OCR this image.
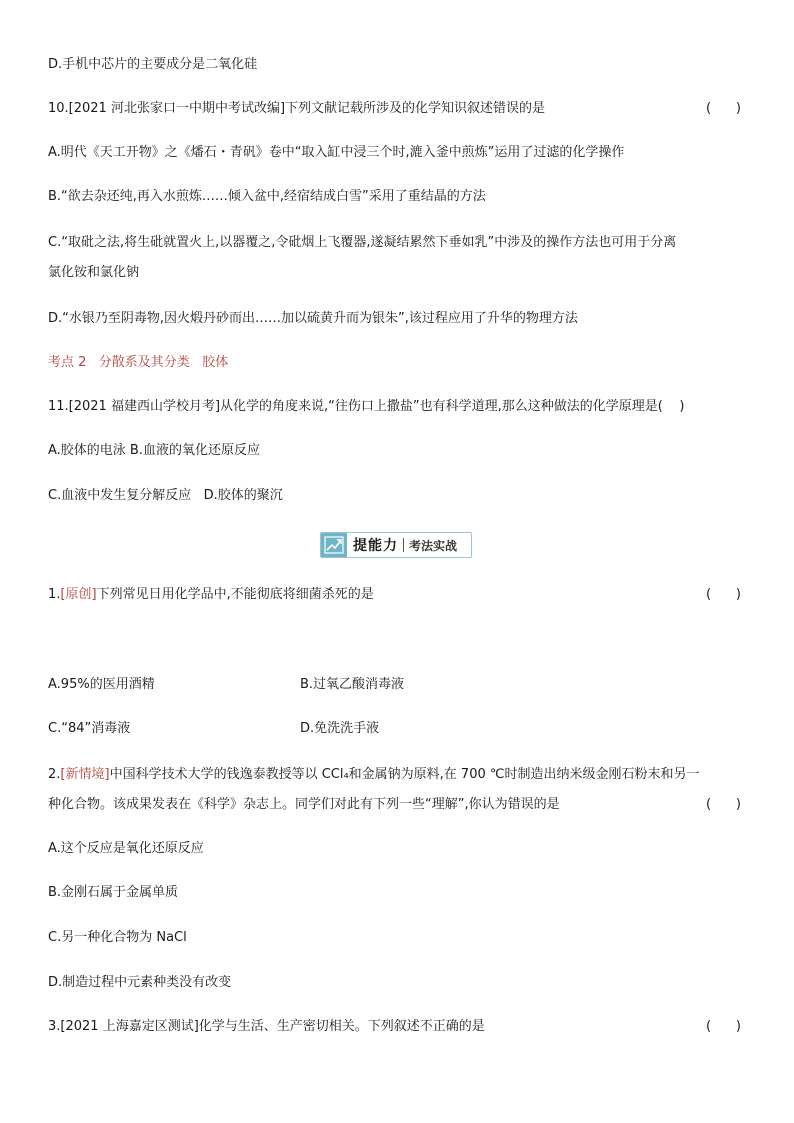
D.手机中芯片的主要成分是二氧化硅
10.[2021 河北张家口一中期中考试改编]下列文献记载所涉及的化学知识叙述错误的是	(      )
A.明代《天工开物》之《燔石・青矾》卷中“取入缸中浸三个时,漉入釜中煎炼”运用了过滤的化学操作
B.“欲去杂还纯,再入水煎炼……倾入盆中,经宿结成白雪”采用了重结晶的方法
C.“取砒之法,将生砒就置火上,以器覆之,令砒烟上飞覆器,遂凝结累然下垂如乳”中涉及的操作方法也可用于分离
氯化铵和氯化钠
D.“水银乃至阴毒物,因火煅丹砂而出……加以硫黄升而为银朱”,该过程应用了升华的物理方法
考点 2   分散系及其分类   胶体
11.[2021 福建西山学校月考]从化学的角度来说,“往伤口上撒盐”也有科学道理,那么这种做法的化学原理是(    )
A.胶体的电泳 B.血液的氧化还原反应
C.血液中发生复分解反应   D.胶体的聚沉
提能力 考法实战
1.[原创]下列常见日用化学品中,不能彻底将细菌杀死的是	(      )
A.95%的医用酒精	B.过氧乙酸消毒液
C.“84”消毒液	D.免洗洗手液
2.[新情境]中国科学技术大学的钱逸泰教授等以 CCl₄和金属钠为原料,在 700 ℃时制造出纳米级金刚石粉末和另一
种化合物。该成果发表在《科学》杂志上。同学们对此有下列一些“理解”,你认为错误的是	(      )
A.这个反应是氧化还原反应
B.金刚石属于金属单质
C.另一种化合物为 NaCl
D.制造过程中元素种类没有改变
3.[2021 上海嘉定区测试]化学与生活、生产密切相关。下列叙述不正确的是	(      )
